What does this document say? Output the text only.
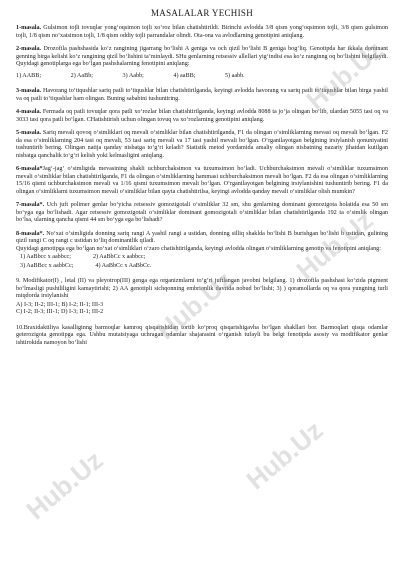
MASALALAR YECHISH

1-masala. Gulsimon tojli tovuqlar yong‘oqsimon tojli xo‘roz bilan chatishtirildi. Birinchi avlodda 3/8 qism yong‘oqsimon tojli, 3/8 qism gulsimon tojli, 1/8 qism no‘xatsimon tojli, 1/8 qism oddiy tojli parrandalar olindi. Ota-ona va avlodlarning genotipini aniqlang.

2-masala. Drozofila pashshasida ko‘z rangining jigarrang bo‘lishi A geniga va och qizil bo‘lishi B geniga bog‘liq. Genotipda har ikkala dominant genning birga kelishi ko‘z rangining qizil bo‘lishini ta’minlaydi. SHu genlarning retsessiv allellari yig‘indisi esa ko‘z ranginng oq bo‘lishini belgilaydi. Quyidagi genotiplarga ega bo‘lgan pashshalarning fenotipini aniqlang:

1) AABB;	2) AaBb;	3) Aabb;	4) aaBB;	5) aabb.

3-masala. Havorang to‘tiqushlar sariq patli to‘tiqushlar bilan chatishtirilganda, keyingi avlodda havorang va sariq patli to‘tiqushlar bilan birga yashil va oq patli to‘tiqushlar ham olingan. Buning sababini tushuntiring.

4-masala. Fermada oq patli tovuqlar qora patli xo‘rozlar bilan chatishtirilganda, keyingi avlodda 8088 ta jo‘ja olingan bo‘lib, ulardan 5055 tasi oq va 3033 tasi qora patli bo‘lgan. CHatishtirish uchun olingan tovuq va xo‘rozlarning genotipini aniqlang.

5-masala. Sariq mevali qovoq o‘simliklari oq mevali o‘simliklar bilan chatishtirilganda, F1 da olingan o‘simliklarning mevasi oq mevali bo‘lgan. F2 da esa o‘simliklarning 204 tasi oq mevali, 53 tasi sariq mevali va 17 tasi yashil mevali bo‘lgan. O‘rganilayotgan belgining irsiylanish qonuniyatini tushuntirib bering. Olingan natija qanday nisbatga to‘g‘ri keladi? Statistik metod yordamida amaliy olingan nisbatning nazariy jihatdan kutilgan nisbatga qanchalik to‘g‘ri kelish yoki kelmasligini aniqlang.

6-masala*Jag‘-jag‘ o‘simligida mevasining shakli uchburchaksimon va tuxumsimon bo‘ladi. Uchburchaksimon mevali o‘simliklar tuxumsimon mevali o‘simliklar bilan chatishtirilganda, F1 da olingan o‘simliklarning hammasi uchburchaksimon mevali bo‘lgan. F2 da esa olingan o‘simliklarning 15/16 qismi uchburchaksimon mevali va 1/16 qismi tuxumsimon mevali bo‘lgan. O‘rganilayotgan belgining irsiylanishini tushuntirib bering. F1 da olingan o‘simliklarni tuxumsimon mevali o‘simliklar bilan qayta chatishtirilsa, keyingi avlodda qanday mevali o‘simliklar olish mumkin?

7-masala*. Uch juft polimer genlar bo‘yicha retsessiv gomozigotali o‘simliklar 32 sm, shu genlarning dominant gomozigota holatida esa 50 sm bo‘yga ega bo‘lishadi. Agar retsessiv gomozigotali o‘simliklar dominant gomozigotali o‘simliklar bilan chatishtirilganda 192 ta o‘simlik olingan bo‘lsa, ularning qancha qismi 44 sm bo‘yga ega bo‘lishadi?

8-masala*. No‘xat o‘simligida donning sariq rangi A yashil rangi a ustidan, donning silliq shaklda bo‘lishi B burishgan bo‘lishi b ustidan, gulining qizil rangi C oq rangi c ustidan to‘liq dominantlik qiladi.
Quyidagi genotipga ega bo‘lgan no‘xat o‘simliklari o‘zaro chatishtirilganda, keyingi avlodda olingan o‘simliklarning genotip va fenotipini aniqlang:

1) AaBbcc x aabbcc;	2) AaBbCc x aabbcc;
3) AaBBcc x aabbCc;	4) AaBbCc x AaBbCc.

9. Modifikator(I) , letal (II) va pleyotrop(III) genga ega organizmlarni to‘g‘ri juftlangan javobni belgilang. 1) drozofila pashshasi ko‘zida pigment bo‘lmasligi pushtliligini kamaytirishi; 2) AA genotipli sichqonning embrionlik davrida nobud bo‘lishi; 3) ) qoramollarda oq va qora yungning turli miqdorda irsiylanishi

A) I-3; II-2; III-1; B) I-2; II-1; III-3
C) I-2; II-3; III-1; D) I-3; II-1; III-2

10.Braxidaktiliya kasalliginng barmoqlar kamroq qisqarishidan tortib ko‘proq qisqarishigavha bo‘lgan shakllari bor. Barmoqlari qisqa odamlar geterozigota genotipga ega. Ushbu mutatsiyaga uchragan odamlar shajarasini o‘rganish tufayli bu belgi fenotipda asosiy va modifikator genlar ishtirokida namoyon bo‘lishi

Hub.Uz
Hub.Uz
Hub.Uz
Hub.Uz
Hub.Uz
